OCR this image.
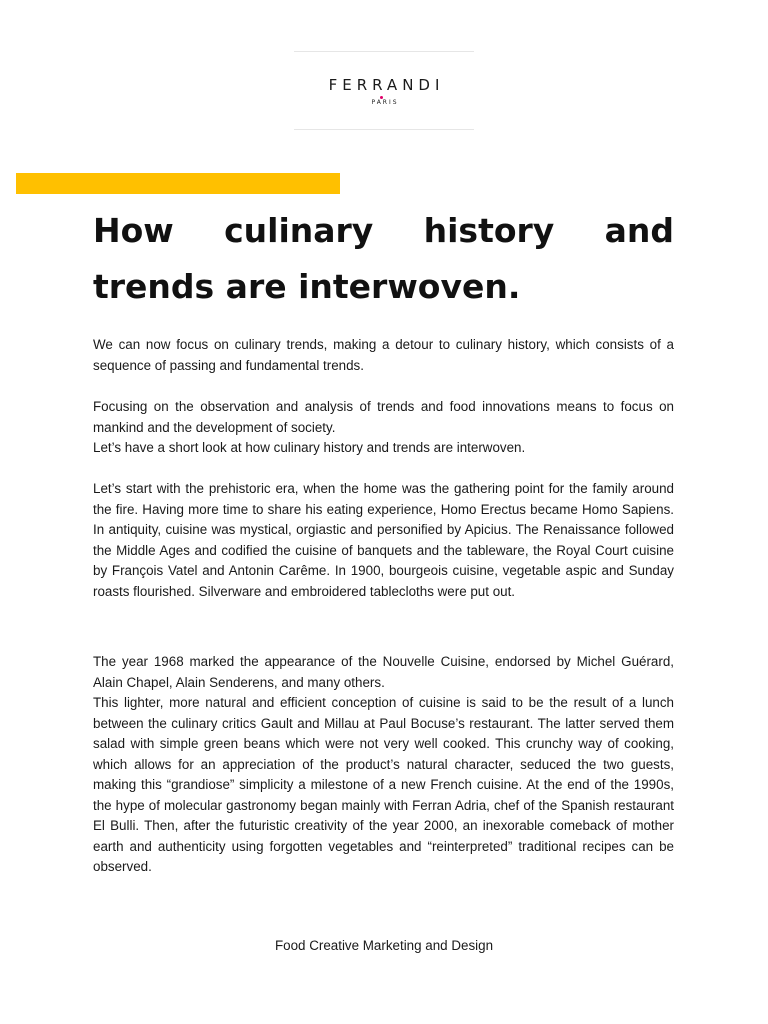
FERRANDI
PARIS
How culinary history and trends are interwoven.

We can now focus on culinary trends, making a detour to culinary history, which consists of a sequence of passing and fundamental trends.

Focusing on the observation and analysis of trends and food innovations means to focus on mankind and the development of society.

Let’s have a short look at how culinary history and trends are interwoven.

Let’s start with the prehistoric era, when the home was the gathering point for the family around the fire. Having more time to share his eating experience, Homo Erectus became Homo Sapiens. In antiquity, cuisine was mystical, orgiastic and personified by Apicius. The Renaissance followed the Middle Ages and codified the cuisine of banquets and the tableware, the Royal Court cuisine by François Vatel and Antonin Carême. In 1900, bourgeois cuisine, vegetable aspic and Sunday roasts flourished. Silverware and embroidered tablecloths were put out.

The year 1968 marked the appearance of the Nouvelle Cuisine, endorsed by Michel Guérard, Alain Chapel, Alain Senderens, and many others.

This lighter, more natural and efficient conception of cuisine is said to be the result of a lunch between the culinary critics Gault and Millau at Paul Bocuse’s restaurant. The latter served them salad with simple green beans which were not very well cooked. This crunchy way of cooking, which allows for an appreciation of the product’s natural character, seduced the two guests, making this “grandiose” simplicity a milestone of a new French cuisine. At the end of the 1990s, the hype of molecular gastronomy began mainly with Ferran Adria, chef of the Spanish restaurant El Bulli. Then, after the futuristic creativity of the year 2000, an inexorable comeback of mother earth and authenticity using forgotten vegetables and “reinterpreted” traditional recipes can be observed.

Food Creative Marketing and Design
